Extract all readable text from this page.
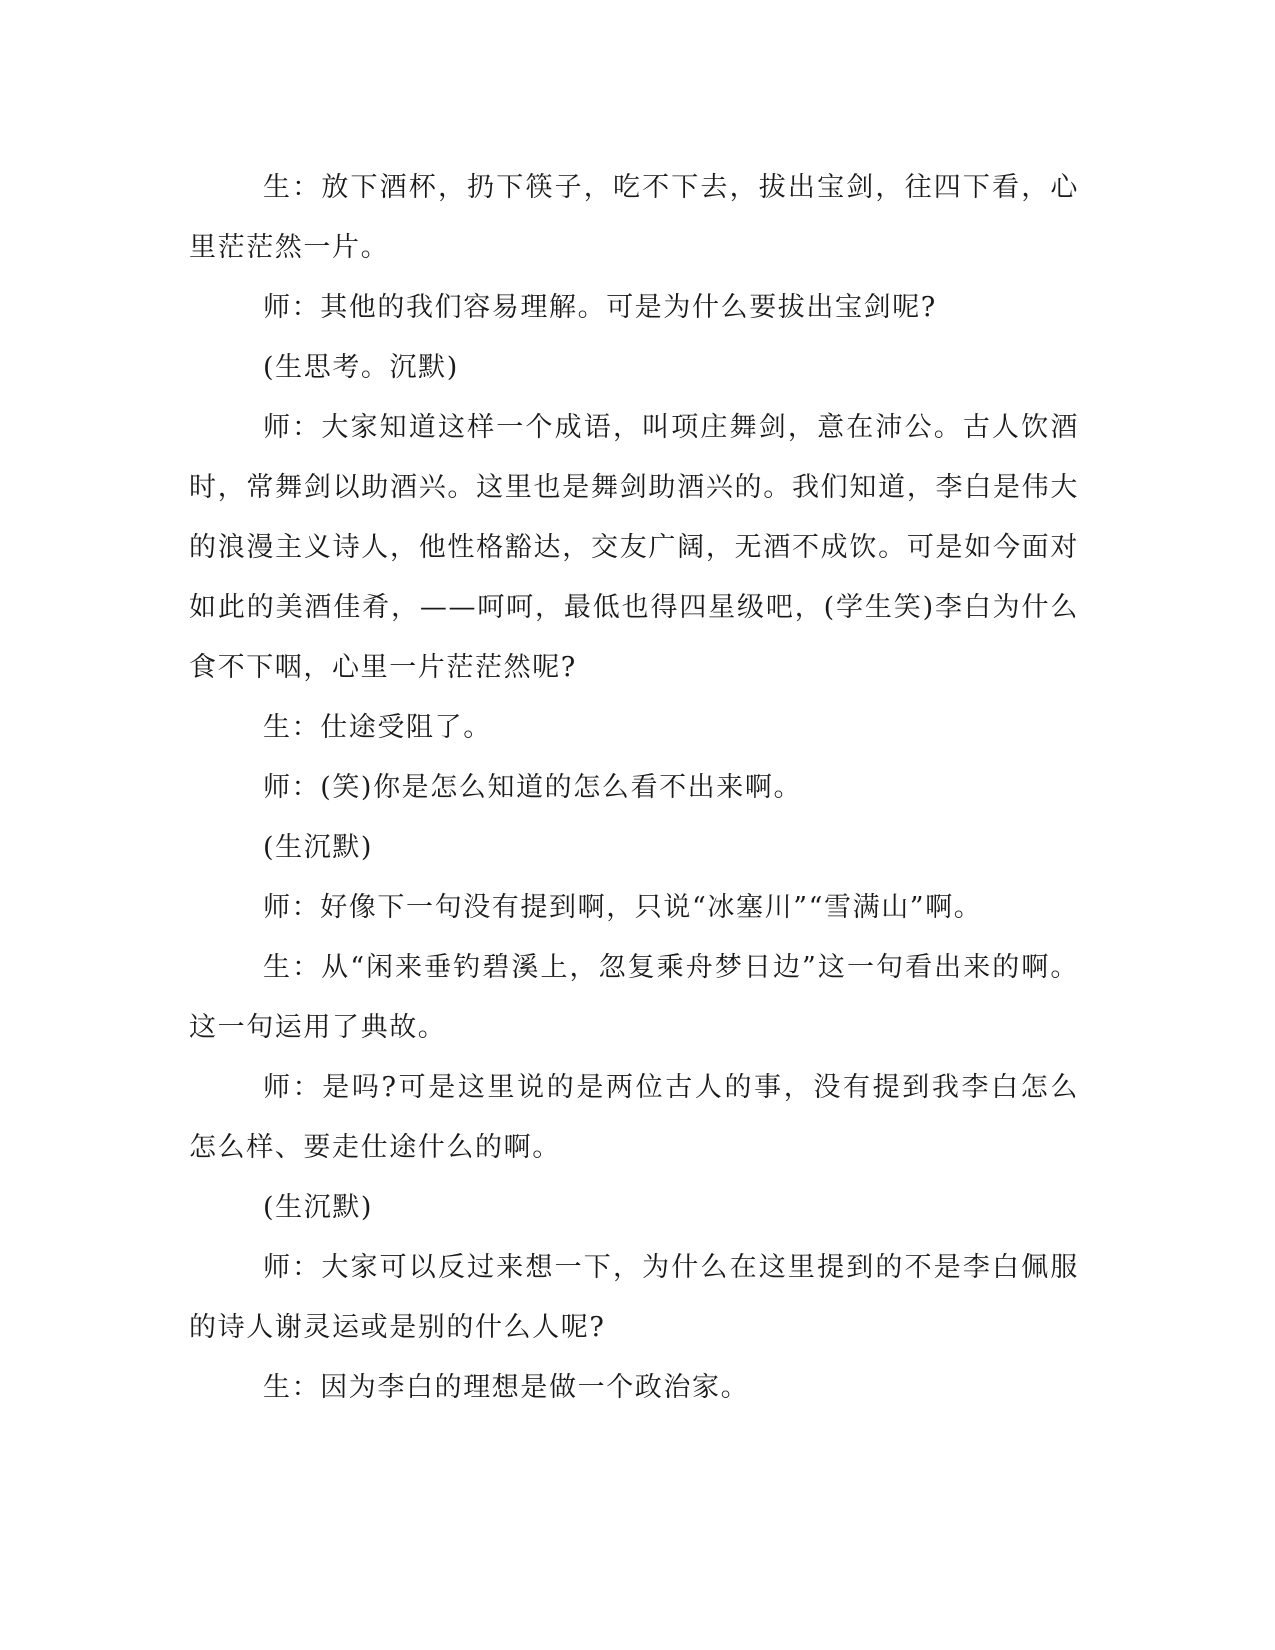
生：放下酒杯，扔下筷子，吃不下去，拔出宝剑，往四下看，心里茫茫然一片。

师：其他的我们容易理解。可是为什么要拔出宝剑呢?

(生思考。沉默)

师：大家知道这样一个成语，叫项庄舞剑，意在沛公。古人饮酒时，常舞剑以助酒兴。这里也是舞剑助酒兴的。我们知道，李白是伟大的浪漫主义诗人，他性格豁达，交友广阔，无酒不成饮。可是如今面对如此的美酒佳肴，——呵呵，最低也得四星级吧，(学生笑)李白为什么食不下咽，心里一片茫茫然呢?

生：仕途受阻了。

师：(笑)你是怎么知道的怎么看不出来啊。

(生沉默)

师：好像下一句没有提到啊，只说“冰塞川”“雪满山”啊。

生：从“闲来垂钓碧溪上，忽复乘舟梦日边”这一句看出来的啊。这一句运用了典故。

师：是吗?可是这里说的是两位古人的事，没有提到我李白怎么怎么样、要走仕途什么的啊。

(生沉默)

师：大家可以反过来想一下，为什么在这里提到的不是李白佩服的诗人谢灵运或是别的什么人呢?

生：因为李白的理想是做一个政治家。
